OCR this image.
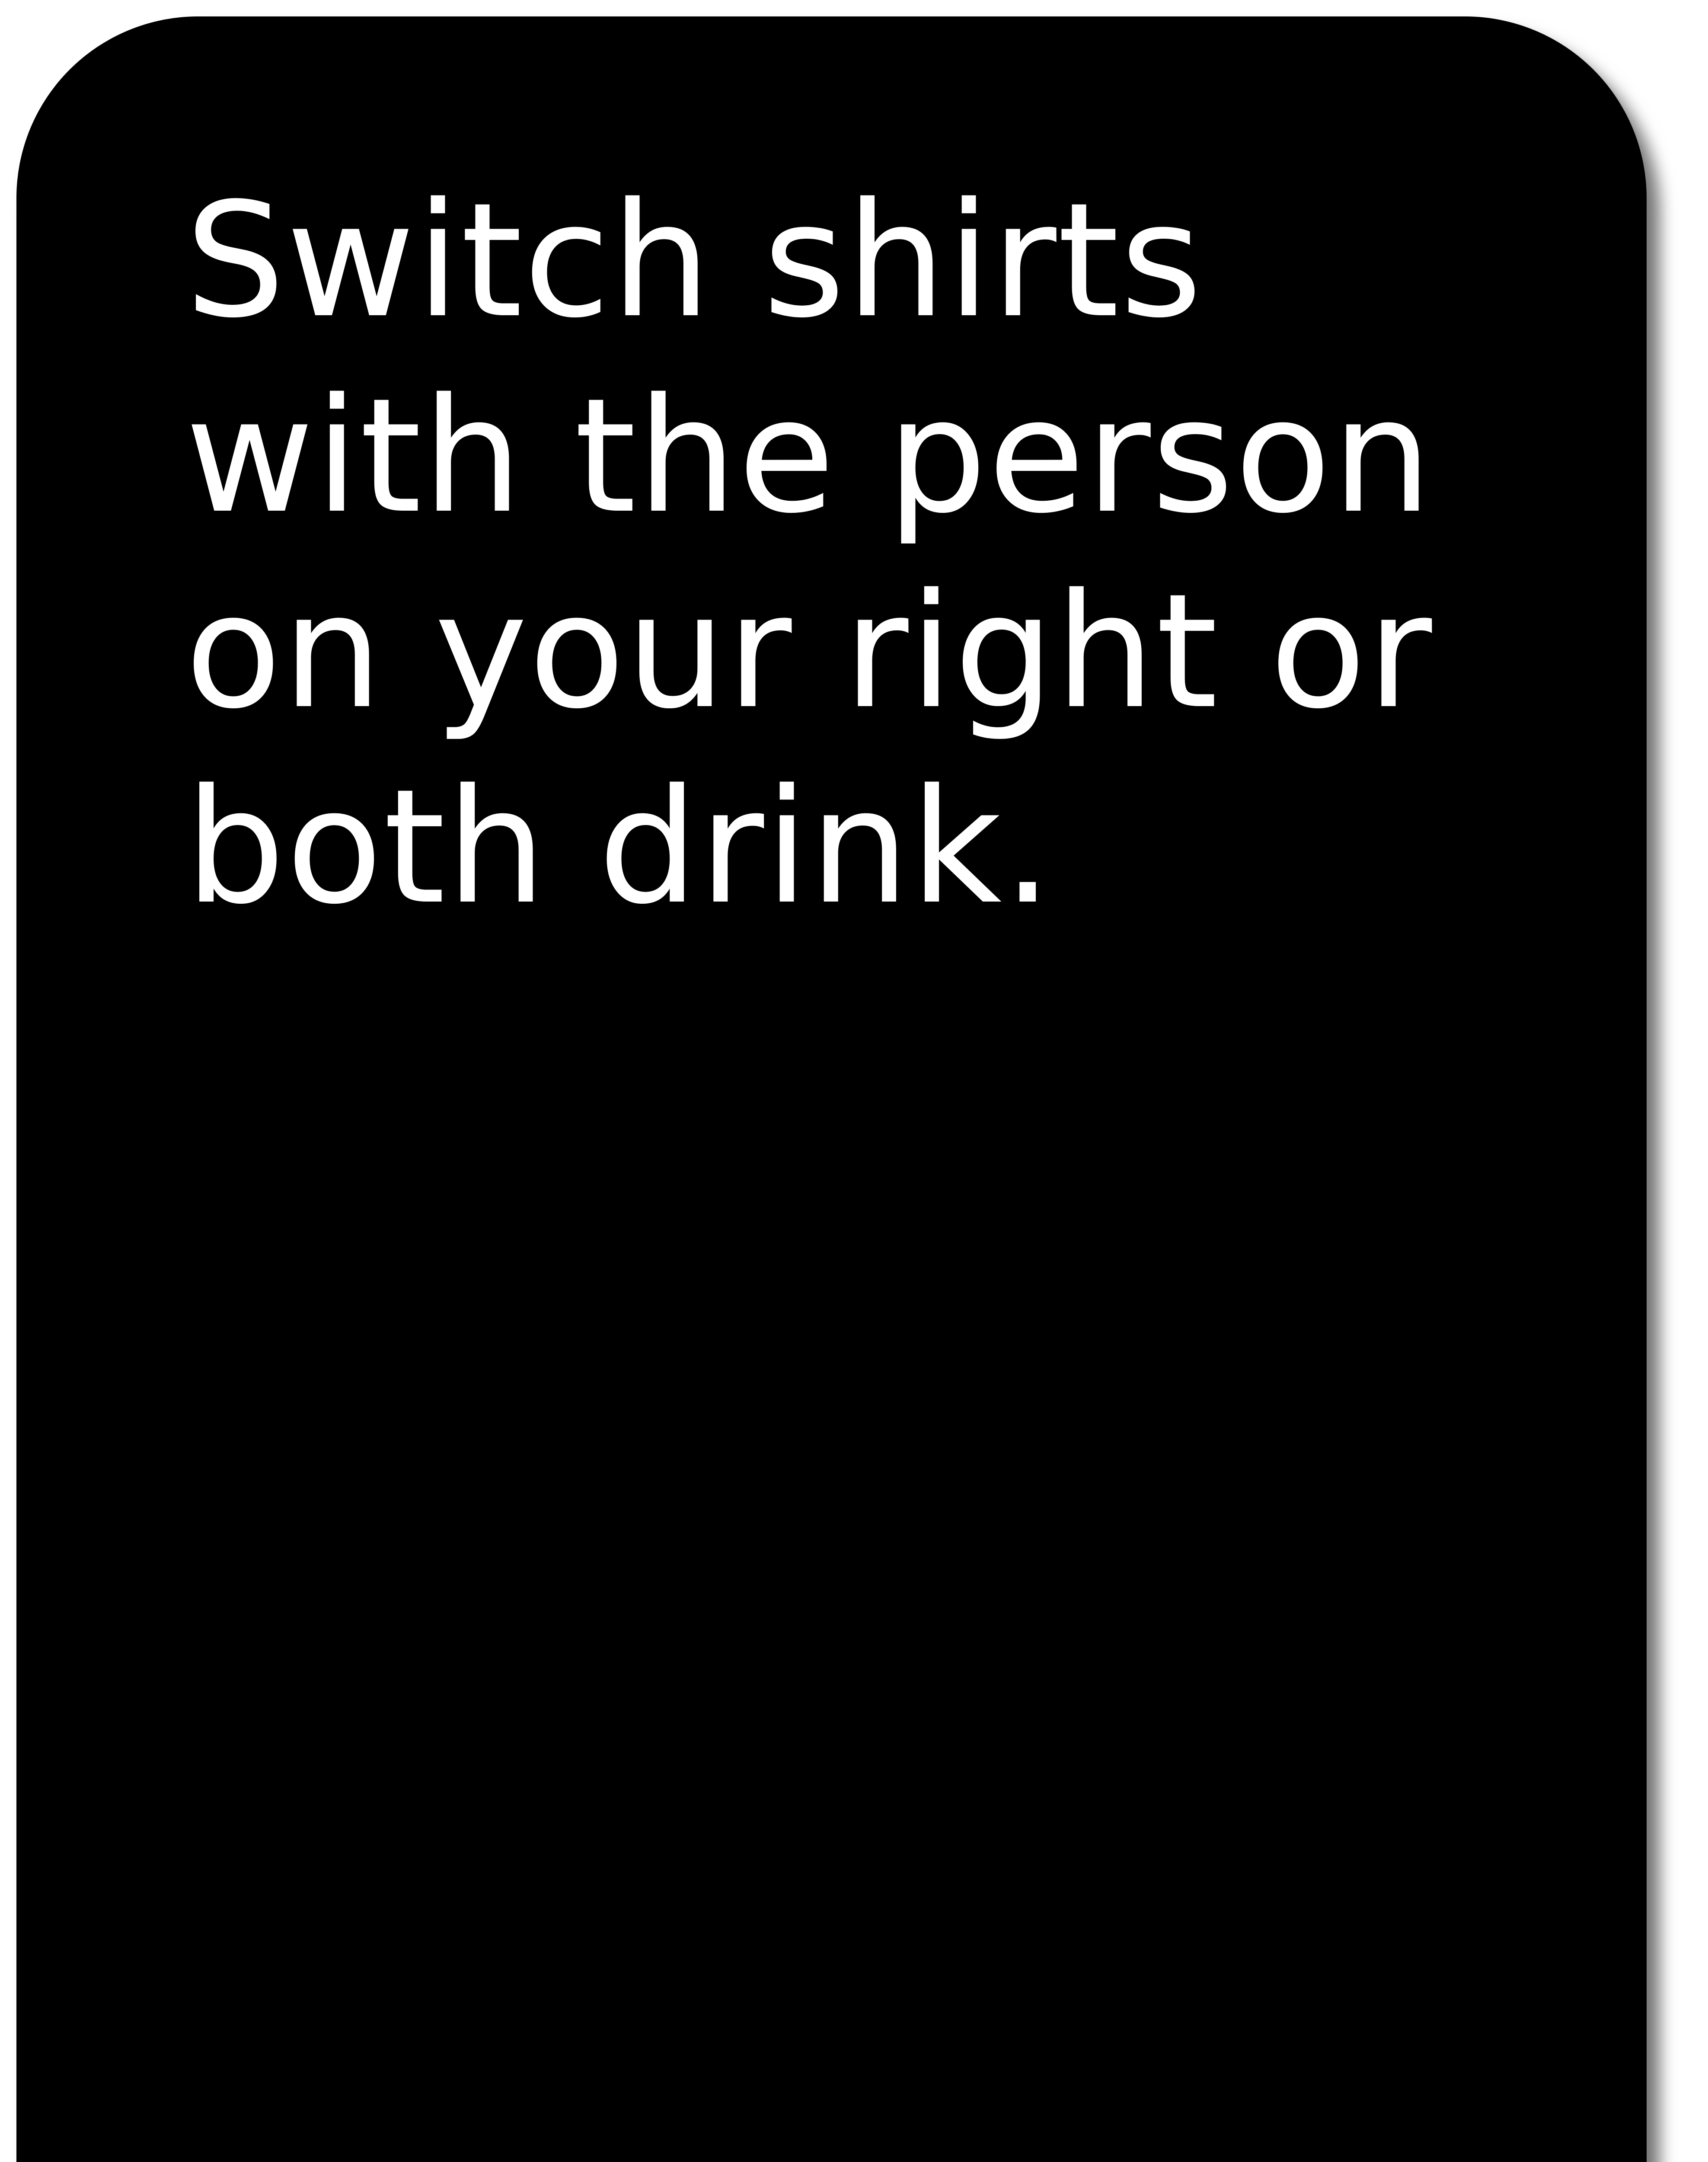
Switch shirts
with the person
on your right or
both drink.
